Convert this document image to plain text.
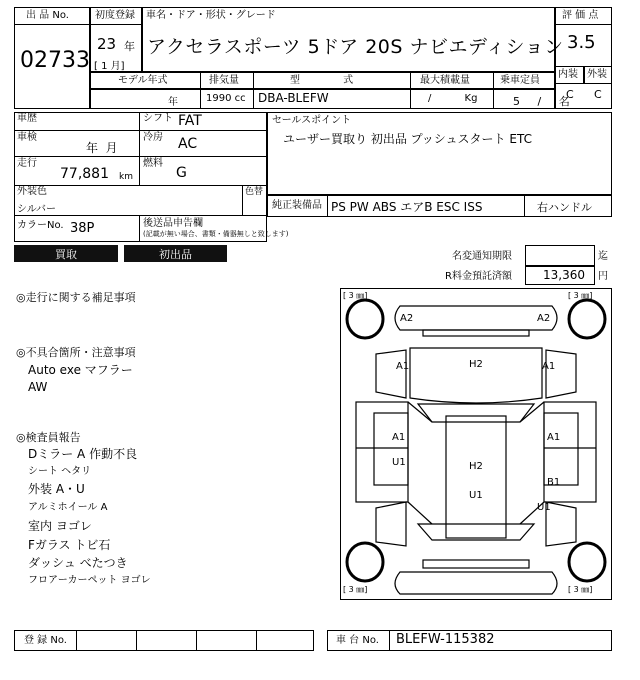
出 品 No.
02733
初度登録
23 年
[ 1 月]
車名・ドア・形状・グレード
アクセラスポーツ 5ドア 20S ナビエディション
評 価 点
3.5
内装 外装
C C
モデル年式	排気量	型 式	最大積載量	乗車定員
年	1990 cc DBA-BLEFW	/ Kg	5 / 名
車歴	シフト FAT
車検
年  月
冷房 AC
走行
77,881 km
燃料
G
外装色
シルバー
色替
カラーNo. 38P	後送品申告欄
(記載が無い場合、書類・備器無しと致します)
セールスポイント
ユーザー買取り 初出品 プッシュスタート ETC
純正装備品 PS PW ABS エアB ESC ISS	右ハンドル
買取	初出品	名変通知期限	迄
R料金預託済額	13,360 円
◎走行に関する補足事項
◎不具合箇所・注意事項
Auto exe マフラー
AW
◎検査員報告
Dミラー A 作動不良
シート ヘタリ
外装 A・U
アルミホイール A
室内 ヨゴレ
Fガラス トビ石
ダッシュ べたつき
フロアーカーペット ヨゴレ
[ 3 ㎜]	[ 3 ㎜]
[ 3 ㎜]	[ 3 ㎜]
A2	A2
A1	H2	A1
A1	A1
U1	H2
B1
U1
U1
登 録 No.	車 台 No. BLEFW-115382
